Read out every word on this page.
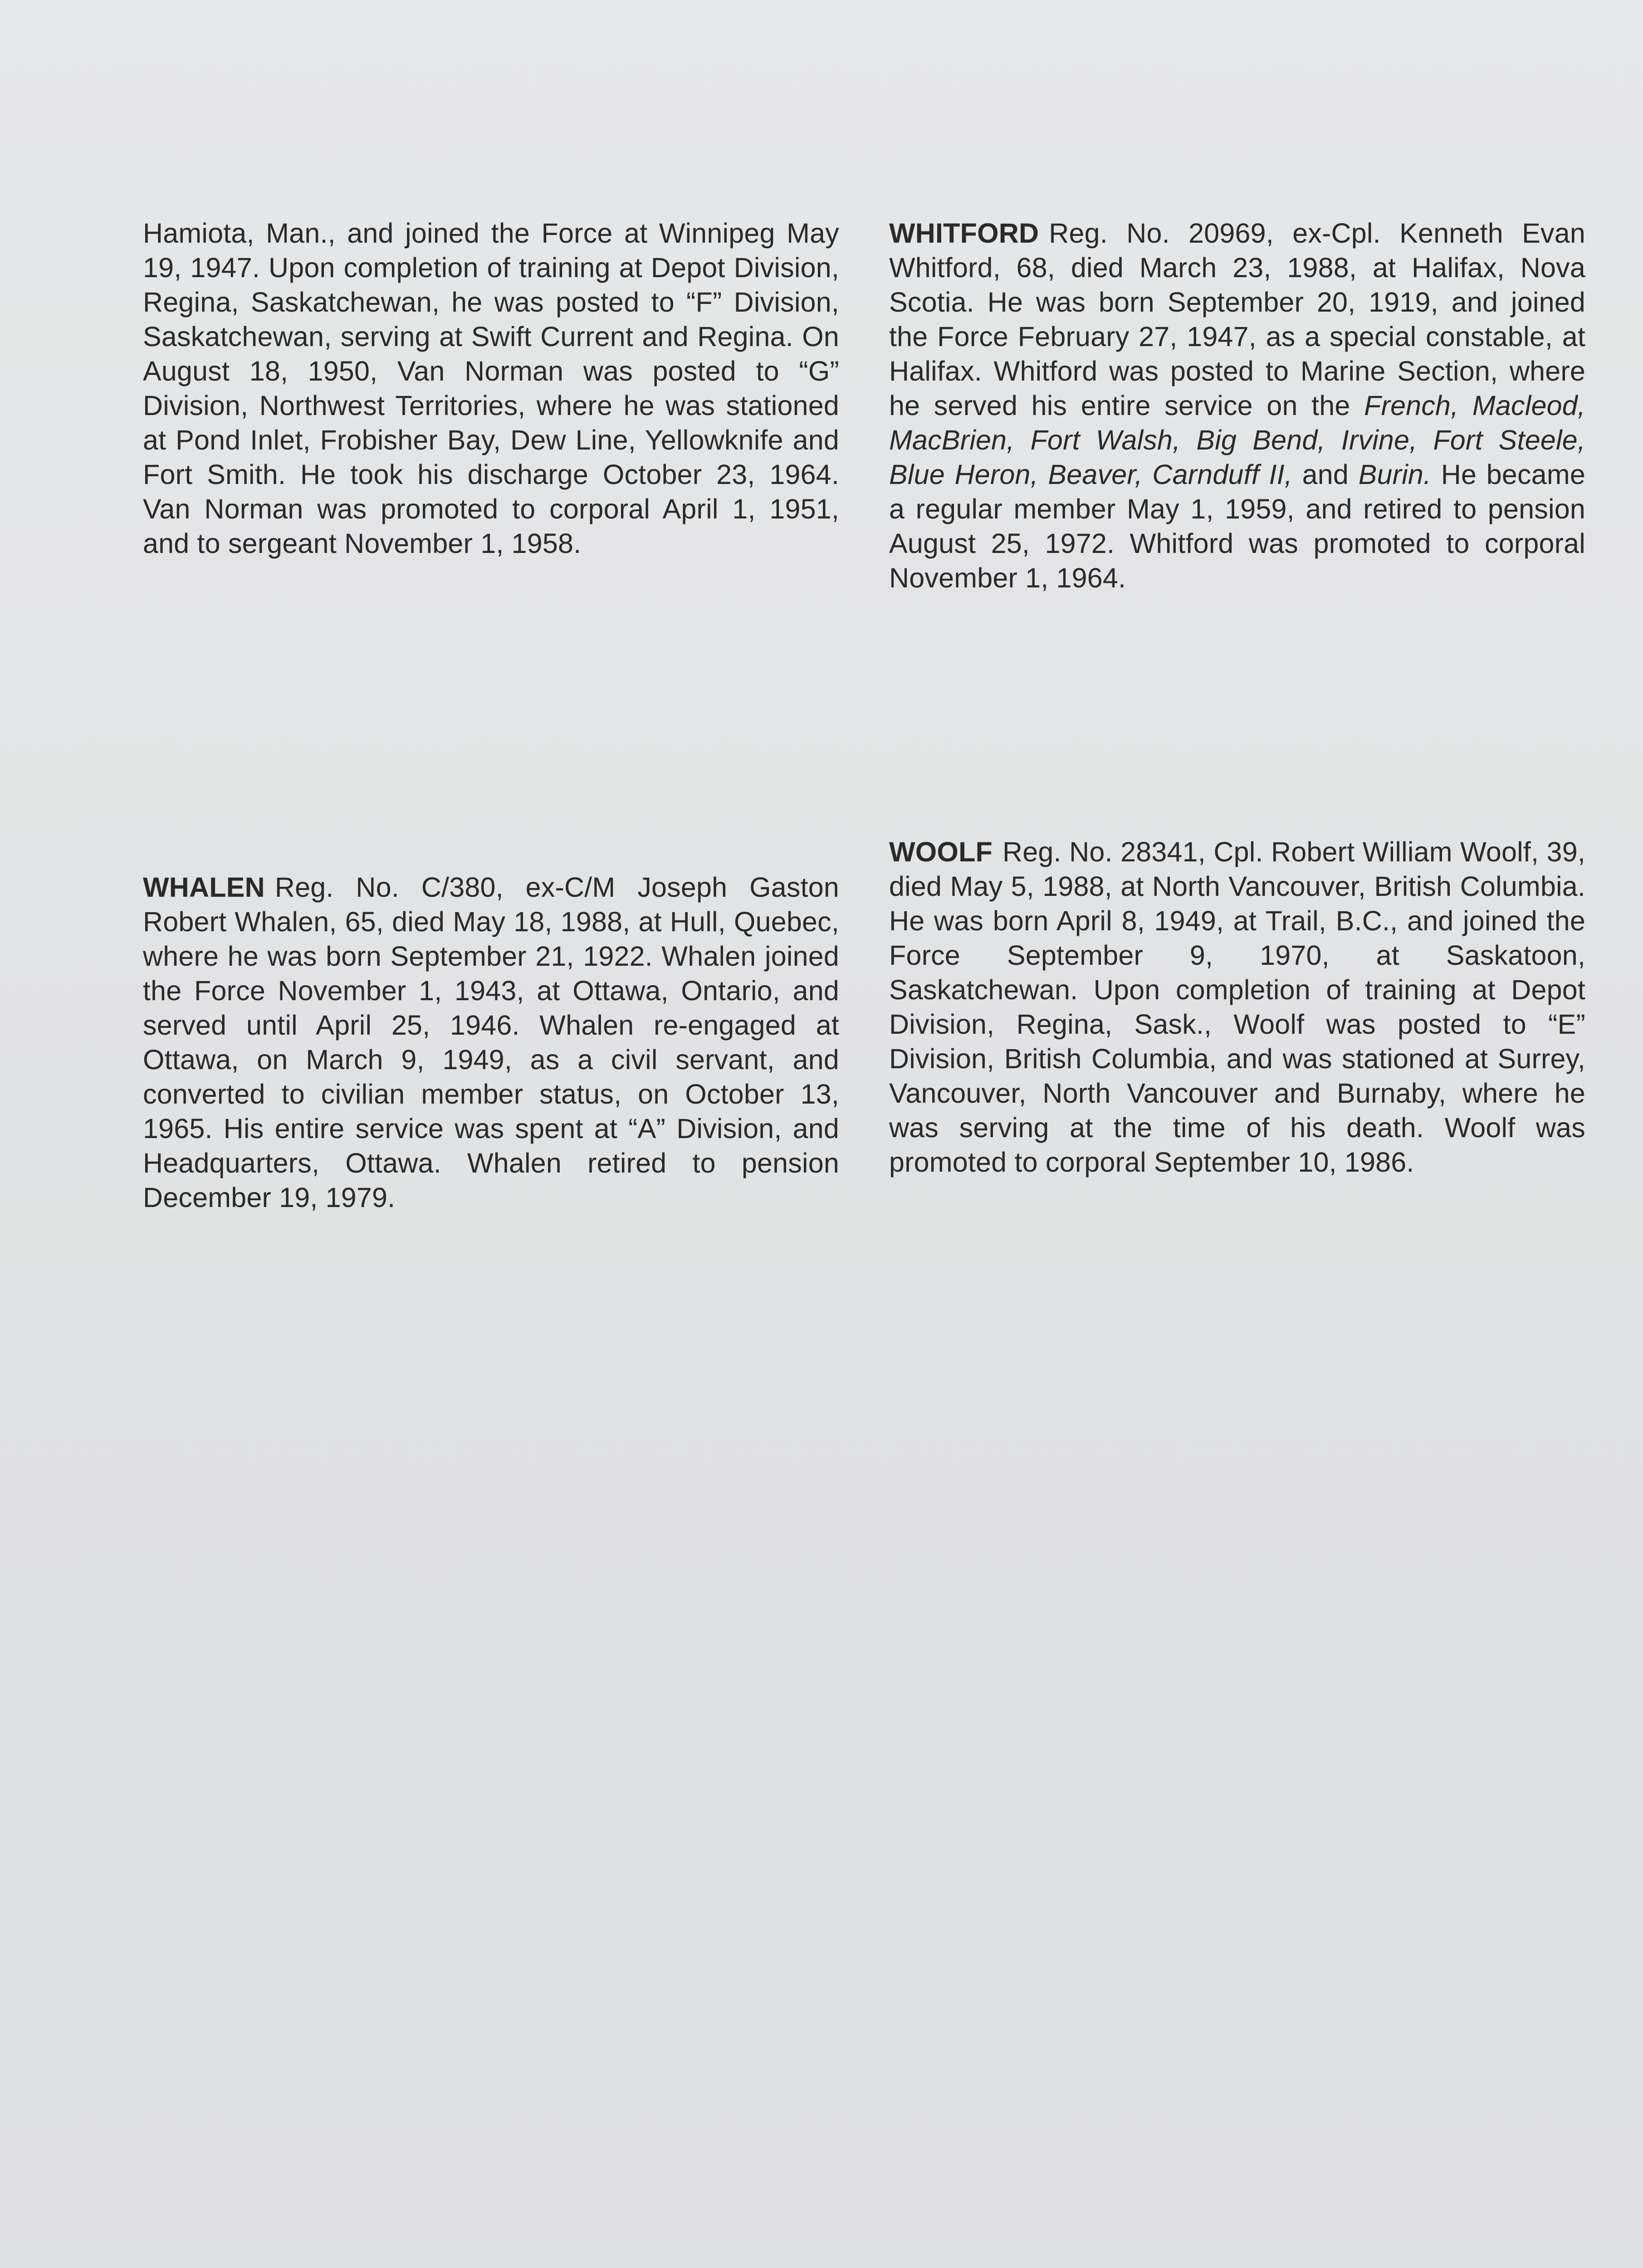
Hamiota, Man., and joined the Force at Winnipeg May 19, 1947. Upon completion of training at Depot Division, Regina, Saskatchewan, he was posted to “F” Division, Saskatchewan, serving at Swift Current and Regina. On August 18, 1950, Van Norman was posted to “G” Division, Northwest Territories, where he was stationed at Pond Inlet, Frobisher Bay, Dew Line, Yellowknife and Fort Smith. He took his discharge October 23, 1964. Van Norman was promoted to corporal April 1, 1951, and to sergeant November 1, 1958.

WHALEN Reg. No. C/380, ex-C/M Joseph Gaston Robert Whalen, 65, died May 18, 1988, at Hull, Quebec, where he was born September 21, 1922. Whalen joined the Force November 1, 1943, at Ottawa, Ontario, and served until April 25, 1946. Whalen re-engaged at Ottawa, on March 9, 1949, as a civil servant, and converted to civilian member status, on October 13, 1965. His entire service was spent at “A” Division, and Headquarters, Ottawa. Whalen retired to pension December 19, 1979.

WHITFORD Reg. No. 20969, ex-Cpl. Kenneth Evan Whitford, 68, died March 23, 1988, at Halifax, Nova Scotia. He was born September 20, 1919, and joined the Force February 27, 1947, as a special constable, at Halifax. Whitford was posted to Marine Section, where he served his entire service on the French, Macleod, MacBrien, Fort Walsh, Big Bend, Irvine, Fort Steele, Blue Heron, Beaver, Carnduff II, and Burin. He became a regular member May 1, 1959, and retired to pension August 25, 1972. Whitford was promoted to corporal November 1, 1964.

WOOLF Reg. No. 28341, Cpl. Robert William Woolf, 39, died May 5, 1988, at North Vancouver, British Columbia. He was born April 8, 1949, at Trail, B.C., and joined the Force September 9, 1970, at Saskatoon, Saskatchewan. Upon completion of training at Depot Division, Regina, Sask., Woolf was posted to “E” Division, British Columbia, and was stationed at Surrey, Vancouver, North Vancouver and Burnaby, where he was serving at the time of his death. Woolf was promoted to corporal September 10, 1986.
